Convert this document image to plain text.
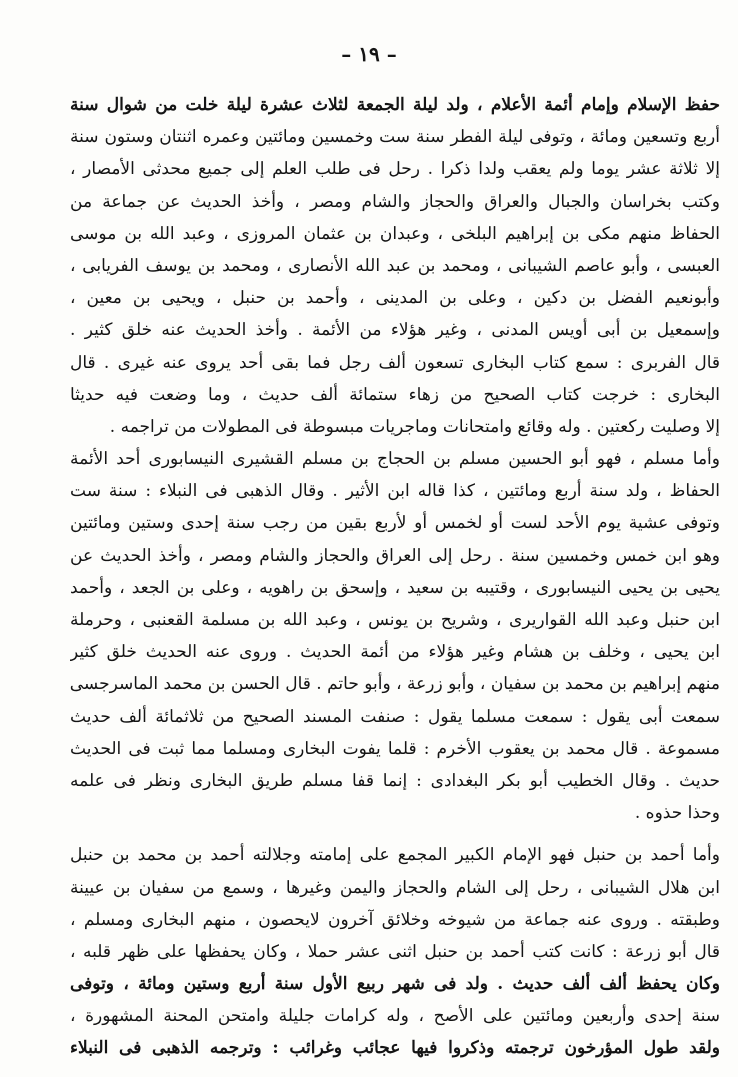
– ١٩ –
حفظ الإسلام وإمام أئمة الأعلام ، ولد ليلة الجمعة لثلاث عشرة ليلة خلت من شوال سنة
أربع وتسعين ومائة ، وتوفى ليلة الفطر سنة ست وخمسين ومائتين وعمره اثنتان وستون سنة
إلا ثلاثة عشر يوما ولم يعقب ولدا ذكرا . رحل فى طلب العلم إلى جميع محدثى الأمصار ،
وكتب بخراسان والجبال والعراق والحجاز والشام ومصر ، وأخذ الحديث عن جماعة من
الحفاظ منهم مكى بن إبراهيم البلخى ، وعبدان بن عثمان المروزى ، وعبد الله بن موسى
العبسى ، وأبو عاصم الشيبانى ، ومحمد بن عبد الله الأنصارى ، ومحمد بن يوسف الفريابى ،
وأبونعيم الفضل بن دكين ، وعلى بن المدينى ، وأحمد بن حنبل ، ويحيى بن معين ،
وإسمعيل بن أبى أويس المدنى ، وغير هؤلاء من الأئمة . وأخذ الحديث عنه خلق كثير .
قال الفربرى : سمع كتاب البخارى تسعون ألف رجل فما بقى أحد يروى عنه غيرى . قال
البخارى : خرجت كتاب الصحيح من زهاء ستمائة ألف حديث ، وما وضعت فيه حديثا
إلا وصليت ركعتين . وله وقائع وامتحانات وماجريات مبسوطة فى المطولات من تراجمه .
وأما مسلم ، فهو أبو الحسين مسلم بن الحجاج بن مسلم القشيرى النيسابورى أحد الأئمة
الحفاظ ، ولد سنة أربع ومائتين ، كذا قاله ابن الأثير . وقال الذهبى فى النبلاء : سنة ست
وتوفى عشية يوم الأحد لست أو لخمس أو لأربع بقين من رجب سنة إحدى وستين ومائتين
وهو ابن خمس وخمسين سنة . رحل إلى العراق والحجاز والشام ومصر ، وأخذ الحديث عن
يحيى بن يحيى النيسابورى ، وقتيبه بن سعيد ، وإسحق بن راهويه ، وعلى بن الجعد ، وأحمد
ابن حنبل وعبد الله القواريرى ، وشريح بن يونس ، وعبد الله بن مسلمة القعنبى ، وحرملة
ابن يحيى ، وخلف بن هشام وغير هؤلاء من أئمة الحديث . وروى عنه الحديث خلق كثير
منهم إبراهيم بن محمد بن سفيان ، وأبو زرعة ، وأبو حاتم . قال الحسن بن محمد الماسرجسى
سمعت أبى يقول : سمعت مسلما يقول : صنفت المسند الصحيح من ثلاثمائة ألف حديث
مسموعة . قال محمد بن يعقوب الأخرم : قلما يفوت البخارى ومسلما مما ثبت فى الحديث
حديث . وقال الخطيب أبو بكر البغدادى : إنما قفا مسلم طريق البخارى ونظر فى علمه
وحذا حذوه .
وأما أحمد بن حنبل فهو الإمام الكبير المجمع على إمامته وجلالته أحمد بن محمد بن حنبل
ابن هلال الشيبانى ، رحل إلى الشام والحجاز واليمن وغيرها ، وسمع من سفيان بن عيينة
وطبقته . وروى عنه جماعة من شيوخه وخلائق آخرون لايحصون ، منهم البخارى ومسلم ،
قال أبو زرعة : كانت كتب أحمد بن حنبل اثنى عشر حملا ، وكان يحفظها على ظهر قلبه ،
وكان يحفظ ألف ألف حديث . ولد فى شهر ربيع الأول سنة أربع وستين ومائة ، وتوفى
سنة إحدى وأربعين ومائتين على الأصح ، وله كرامات جليلة وامتحن المحنة المشهورة ،
ولقد طول المؤرخون ترجمته وذكروا فيها عجائب وغرائب : وترجمه الذهبى فى النبلاء
